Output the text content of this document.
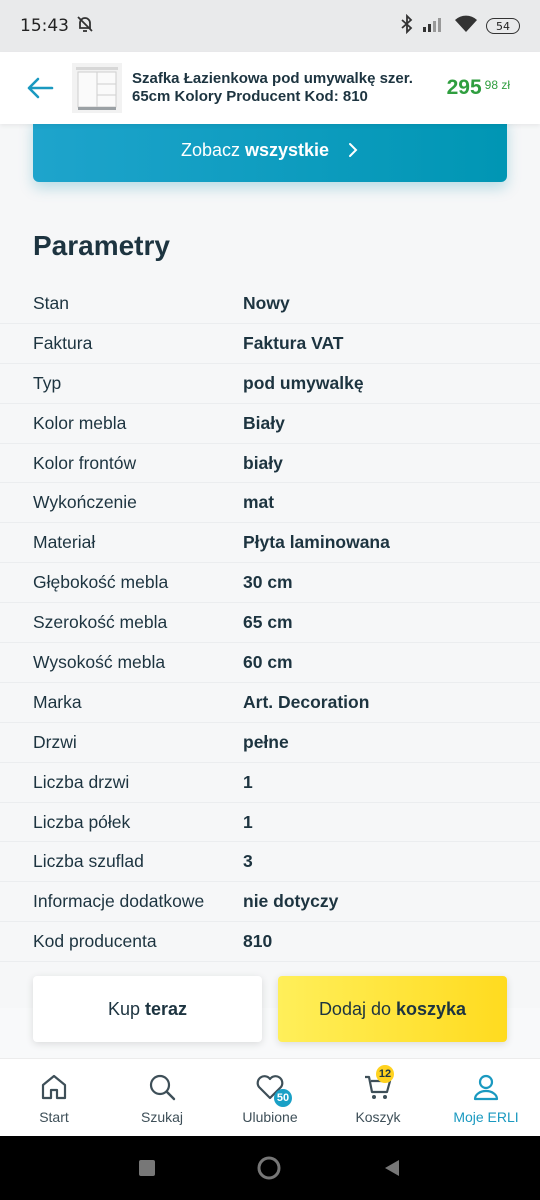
15:43	54
Szafka Łazienkowa pod umywalkę szer. 65cm Kolory Producent Kod: 810	295 98 zł
Zobacz wszystkie
Parametry
Stan	Nowy
Faktura	Faktura VAT
Typ	pod umywalkę
Kolor mebla	Biały
Kolor frontów	biały
Wykończenie	mat
Materiał	Płyta laminowana
Głębokość mebla	30 cm
Szerokość mebla	65 cm
Wysokość mebla	60 cm
Marka	Art. Decoration
Drzwi	pełne
Liczba drzwi	1
Liczba półek	1
Liczba szuflad	3
Informacje dodatkowe	nie dotyczy
Kod producenta	810
Kup teraz	Dodaj do koszyka
Start	Szukaj
50
Ulubione
12
Koszyk	Moje ERLI
